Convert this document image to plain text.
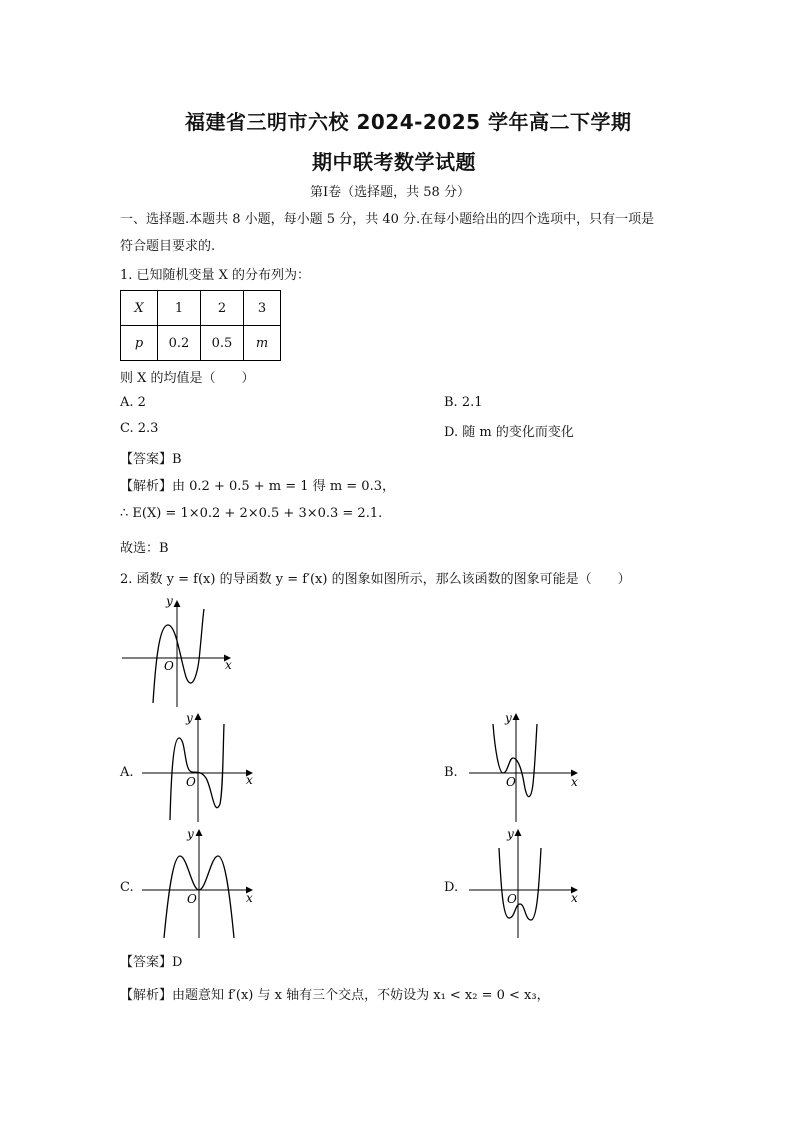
福建省三明市六校 2024-2025 学年高二下学期
期中联考数学试题
第Ⅰ卷（选择题，共 58 分）
一、选择题.本题共 8 小题，每小题 5 分，共 40 分.在每小题给出的四个选项中，只有一项是
符合题目要求的.
1. 已知随机变量 X 的分布列为：
X	1	2	3
p	0.2	0.5	m
则 X 的均值是（　　）
A. 2	B. 2.1
C. 2.3	D. 随 m 的变化而变化
【答案】B
【解析】由 0.2 + 0.5 + m = 1 得 m = 0.3，
∴ E(X) = 1×0.2 + 2×0.5 + 3×0.3 = 2.1.
故选：B
2. 函数 y = f(x) 的导函数 y = f′(x) 的图象如图所示，那么该函数的图象可能是（　　）
y
x
O
A.
y
x
O
B.
y
x
O
C.
y
x
O
D.
y
x
O
【答案】D
【解析】由题意知 f′(x) 与 x 轴有三个交点，不妨设为 x₁ < x₂ = 0 < x₃，
